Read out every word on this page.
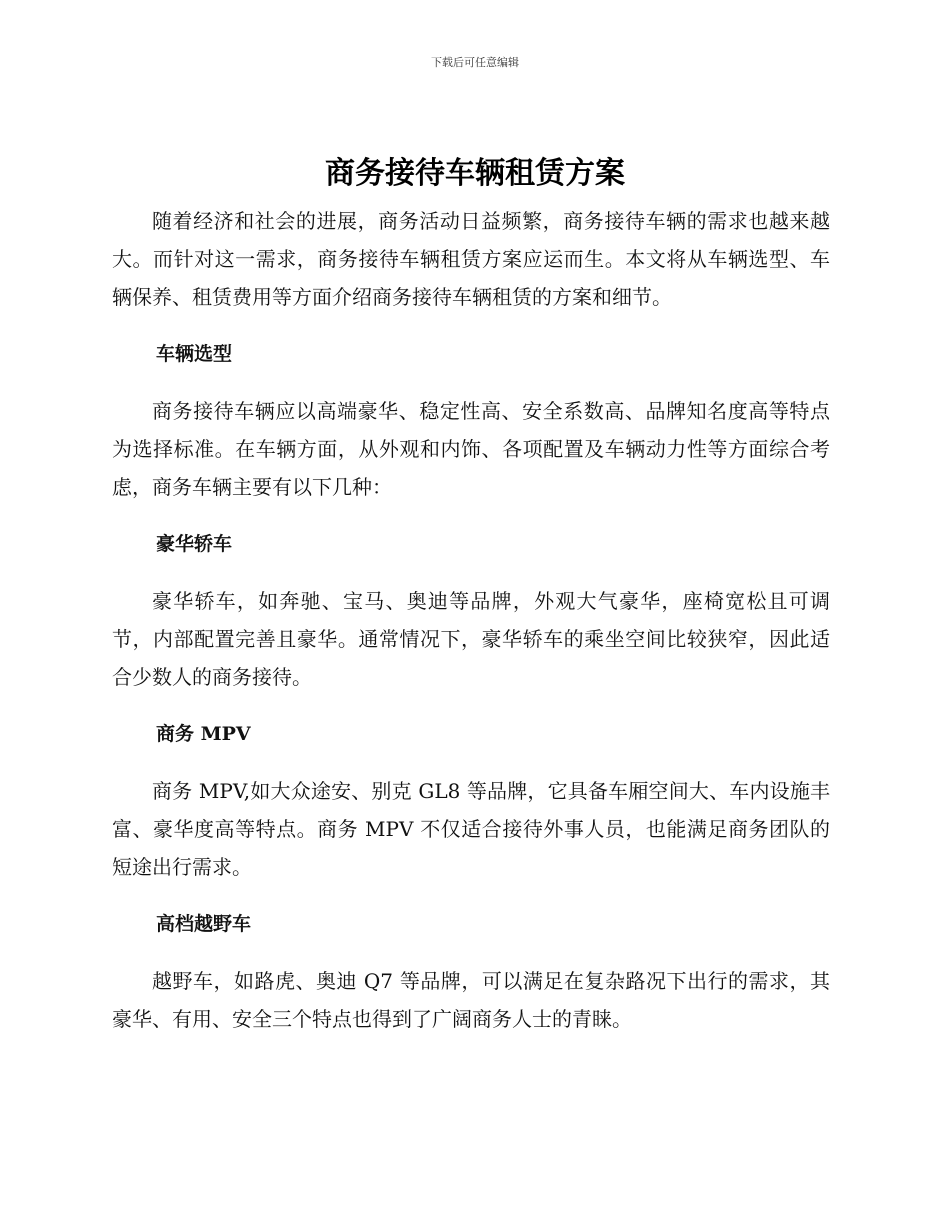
下载后可任意编辑
商务接待车辆租赁方案

随着经济和社会的进展，商务活动日益频繁，商务接待车辆的需求也越来越大。而针对这一需求，商务接待车辆租赁方案应运而生。本文将从车辆选型、车辆保养、租赁费用等方面介绍商务接待车辆租赁的方案和细节。

车辆选型

商务接待车辆应以高端豪华、稳定性高、安全系数高、品牌知名度高等特点为选择标准。在车辆方面，从外观和内饰、各项配置及车辆动力性等方面综合考虑，商务车辆主要有以下几种：

豪华轿车

豪华轿车，如奔驰、宝马、奥迪等品牌，外观大气豪华，座椅宽松且可调节，内部配置完善且豪华。通常情况下，豪华轿车的乘坐空间比较狭窄，因此适合少数人的商务接待。

商务 MPV

商务 MPV,如大众途安、别克 GL8 等品牌，它具备车厢空间大、车内设施丰富、豪华度高等特点。商务 MPV 不仅适合接待外事人员，也能满足商务团队的短途出行需求。

高档越野车

越野车，如路虎、奥迪 Q7 等品牌，可以满足在复杂路况下出行的需求，其豪华、有用、安全三个特点也得到了广阔商务人士的青睐。
